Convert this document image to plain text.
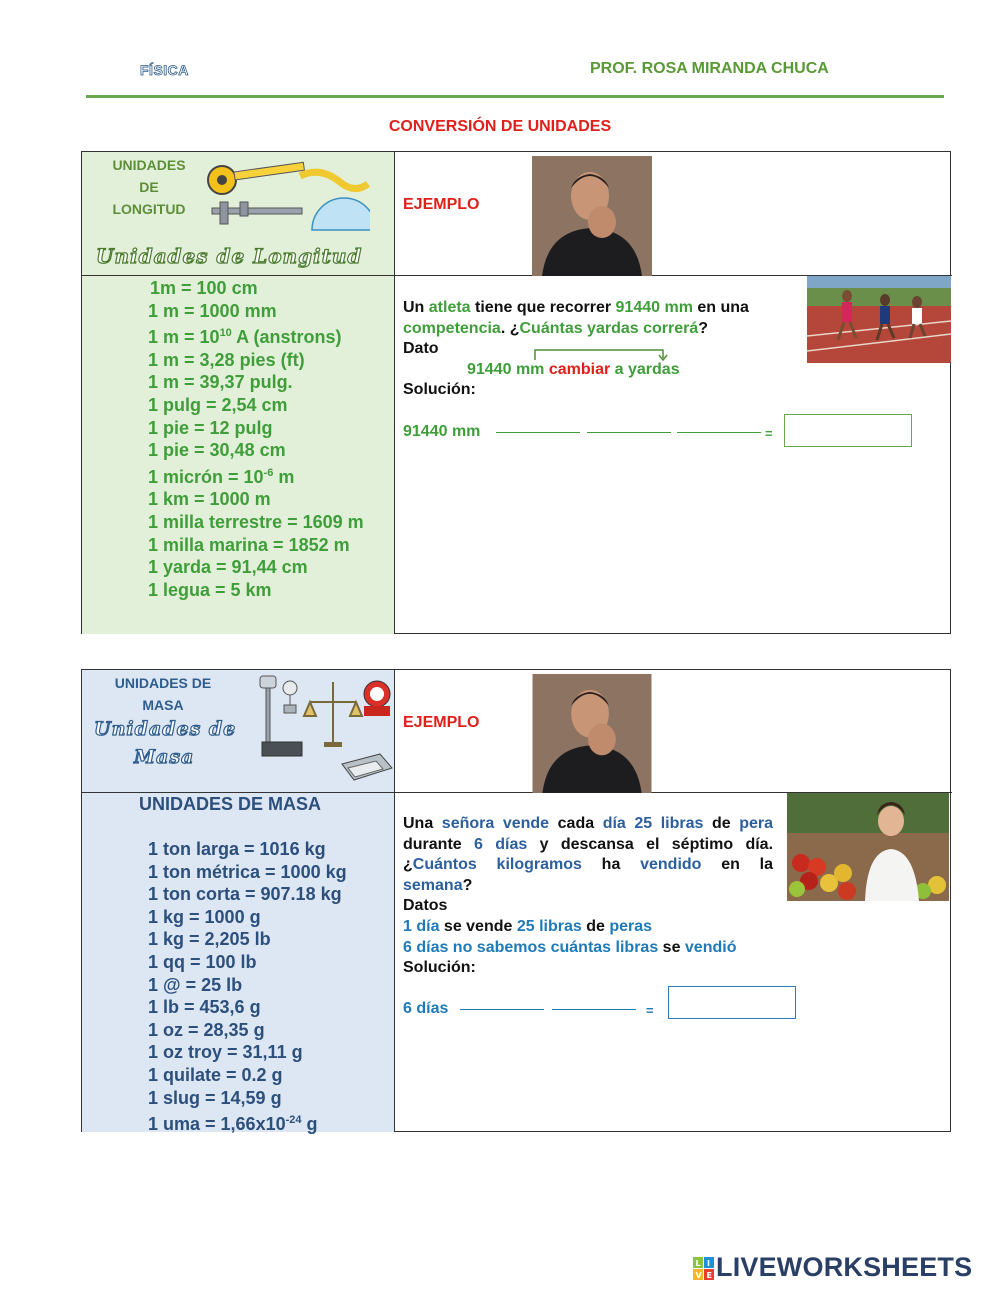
FÍSICA	PROF. ROSA MIRANDA CHUCA
CONVERSIÓN DE UNIDADES
UNIDADES
DE
LONGITUD
Unidades de Longitud
EJEMPLO
1m = 100 cm
1 m = 1000 mm
1 $m = 10^{10}$ A (anstrons)
1 m = 3,28 pies (ft)
1 m = 39,37 pulg.
1 pulg = 2,54 cm
1 pie = 12 pulg
1 pie = 30,48 cm
1 micrón = $10^{-6}$ m
1 km = 1000 m
1 milla terrestre = 1609 m
1 milla marina = 1852 m
1 yarda = 91,44 cm
1 legua = 5 km
Un atleta tiene que recorrer 91440 mm en una
competencia. ¿Cuántas yardas correrá?
Dato
91440 mm cambiar a yardas
Solución:
91440 mm	=
UNIDADES DE
MASA
Unidades de
Masa
EJEMPLO
UNIDADES DE MASA
1 ton larga = 1016 kg
1 ton métrica = 1000 kg
1 ton corta = 907.18 kg
1 kg = 1000 g
1 kg = 2,205 lb
1 qq = 100 lb
1 @ = 25 lb
1 lb = 453,6 g
1 oz = 28,35 g
1 oz troy = 31,11 g
1 quilate = 0.2 g
1 slug = 14,59 g
1 uma = $1,66x10^{-24}$ g
Una señora vende cada día 25 libras de pera
durante 6 días y descansa el séptimo día.
¿Cuántos kilogramos ha vendido en la
semana?
Datos
1 día se vende 25 libras de peras
6 días no sabemos cuántas libras se vendió
Solución:
6 días	=
L I
V E LIVEWORKSHEETS
